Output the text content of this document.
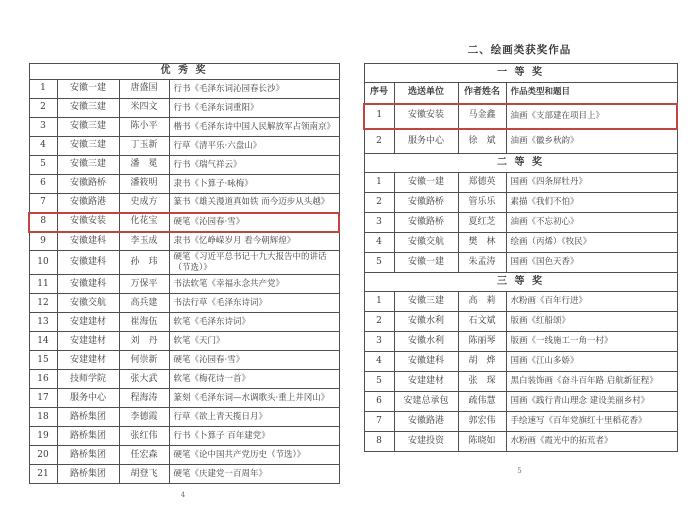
优 秀 奖			
1	安徽一建	唐盛国	行书《毛泽东词沁园春长沙》
2	安徽三建	米四文	行书《毛泽东词重阳》
3	安徽三建	陈小平	楷书《毛泽东诗中国人民解放军占领南京》
4	安徽三建	丁玉新	行草《清平乐·六盘山》
5	安徽三建	潘　冕	行书《瑞气祥云》
6	安徽路桥	潘筱明	隶书《卜算子·咏梅》
7	安徽路港	史成方	篆书《雄关漫道真如铁 而今迈步从头越》
8	安徽安装	化花宝	硬笔《沁园春·雪》
9	安徽建科	李玉成	隶书《忆峥嵘岁月 看今朝辉煌》
10	安徽建科	孙　玮	硬笔《习近平总书记十九大报告中的讲话（节选）》
11	安徽建科	万保平	书法软笔《幸福永念共产党》
12	安徽交航	高兵建	书法行草《毛泽东诗词》
13	安建建材	崔海伍	软笔《毛泽东诗词》
14	安建建材	刘　丹	软笔《天门》
15	安建建材	何崇新	硬笔《沁园春·雪》
16	技师学院	张大武	软笔《梅花诗一首》
17	服务中心	程海涛	篆刻《毛泽东词—水调歌头·重上井冈山》
18	路桥集团	李德霞	行草《欲上青天揽日月》
19	路桥集团	张红伟	行书《卜算子 百年建党》
20	路桥集团	任宏森	硬笔《论中国共产党历史（节选）》
21	路桥集团	胡登飞	硬笔《庆建党一百周年》
4
二、绘画类获奖作品
一 等 奖			
序号	选送单位	作者姓名	作品类型和题目
1	安徽安装	马金鑫	油画《支部建在项目上》
2	服务中心	徐　斌	油画《徽乡秋韵》
二 等 奖			
1	安徽一建	郑德英	国画《四条屏牡丹》
2	安徽路桥	管乐乐	素描《我们不怕》
3	安徽路桥	夏红芝	油画《不忘初心》
4	安徽交航	樊　林	绘画（丙烯）《牧民》
5	安徽一建	朱孟涛	国画《国色天香》
三 等 奖			
1	安徽三建	高　莉	水粉画《百年行进》
2	安徽水利	石文斌	版画《红船颂》
3	安徽水利	陈丽琴	版画《一线施工一角一村》
4	安徽建科	胡　烨	国画《江山多娇》
5	安建建材	张　琛	黑白装饰画《奋斗百年路 启航新征程》
6	安建总承包	疏伟慧	国画《践行青山理念 建设美丽乡村》
7	安徽路港	郭宏伟	手绘速写《百年党旗红十里稻花香》
8	安建投资	陈晓如	水粉画《霞光中的拓荒者》
5
